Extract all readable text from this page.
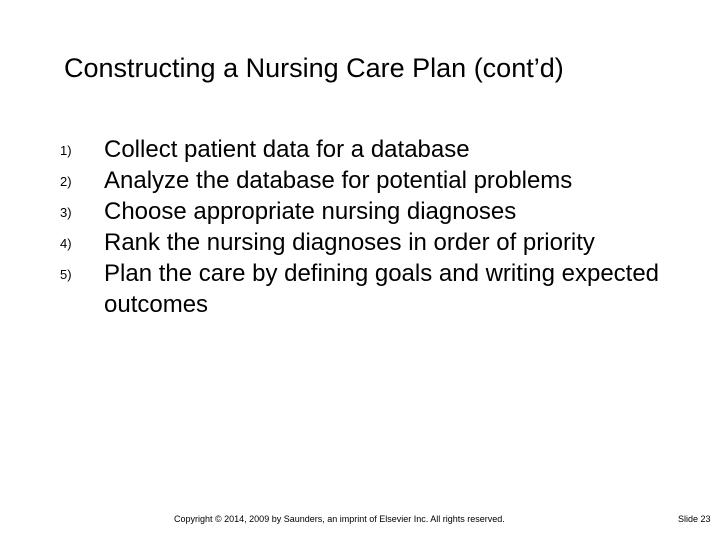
Constructing a Nursing Care Plan (cont’d)
1) Collect patient data for a database
2) Analyze the database for potential problems
3) Choose appropriate nursing diagnoses
4) Rank the nursing diagnoses in order of priority
5) Plan the care by defining goals and writing expected outcomes
Copyright © 2014, 2009 by Saunders, an imprint of Elsevier Inc. All rights reserved.	Slide 23
